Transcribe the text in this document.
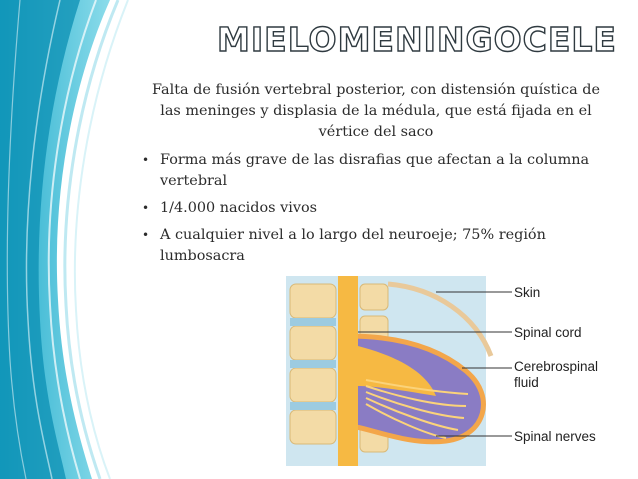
MIELOMENINGOCELE
Falta de fusión vertebral posterior, con distensión quística de las meninges y displasia de la médula, que está fijada en el vértice del saco
• Forma más grave de las disrafias que afectan a la columna vertebral
• 1/4.000 nacidos vivos
• A cualquier nivel a lo largo del neuroeje; 75% región lumbosacra
Skin
Spinal cord
Cerebrospinal
fluid
Spinal nerves
